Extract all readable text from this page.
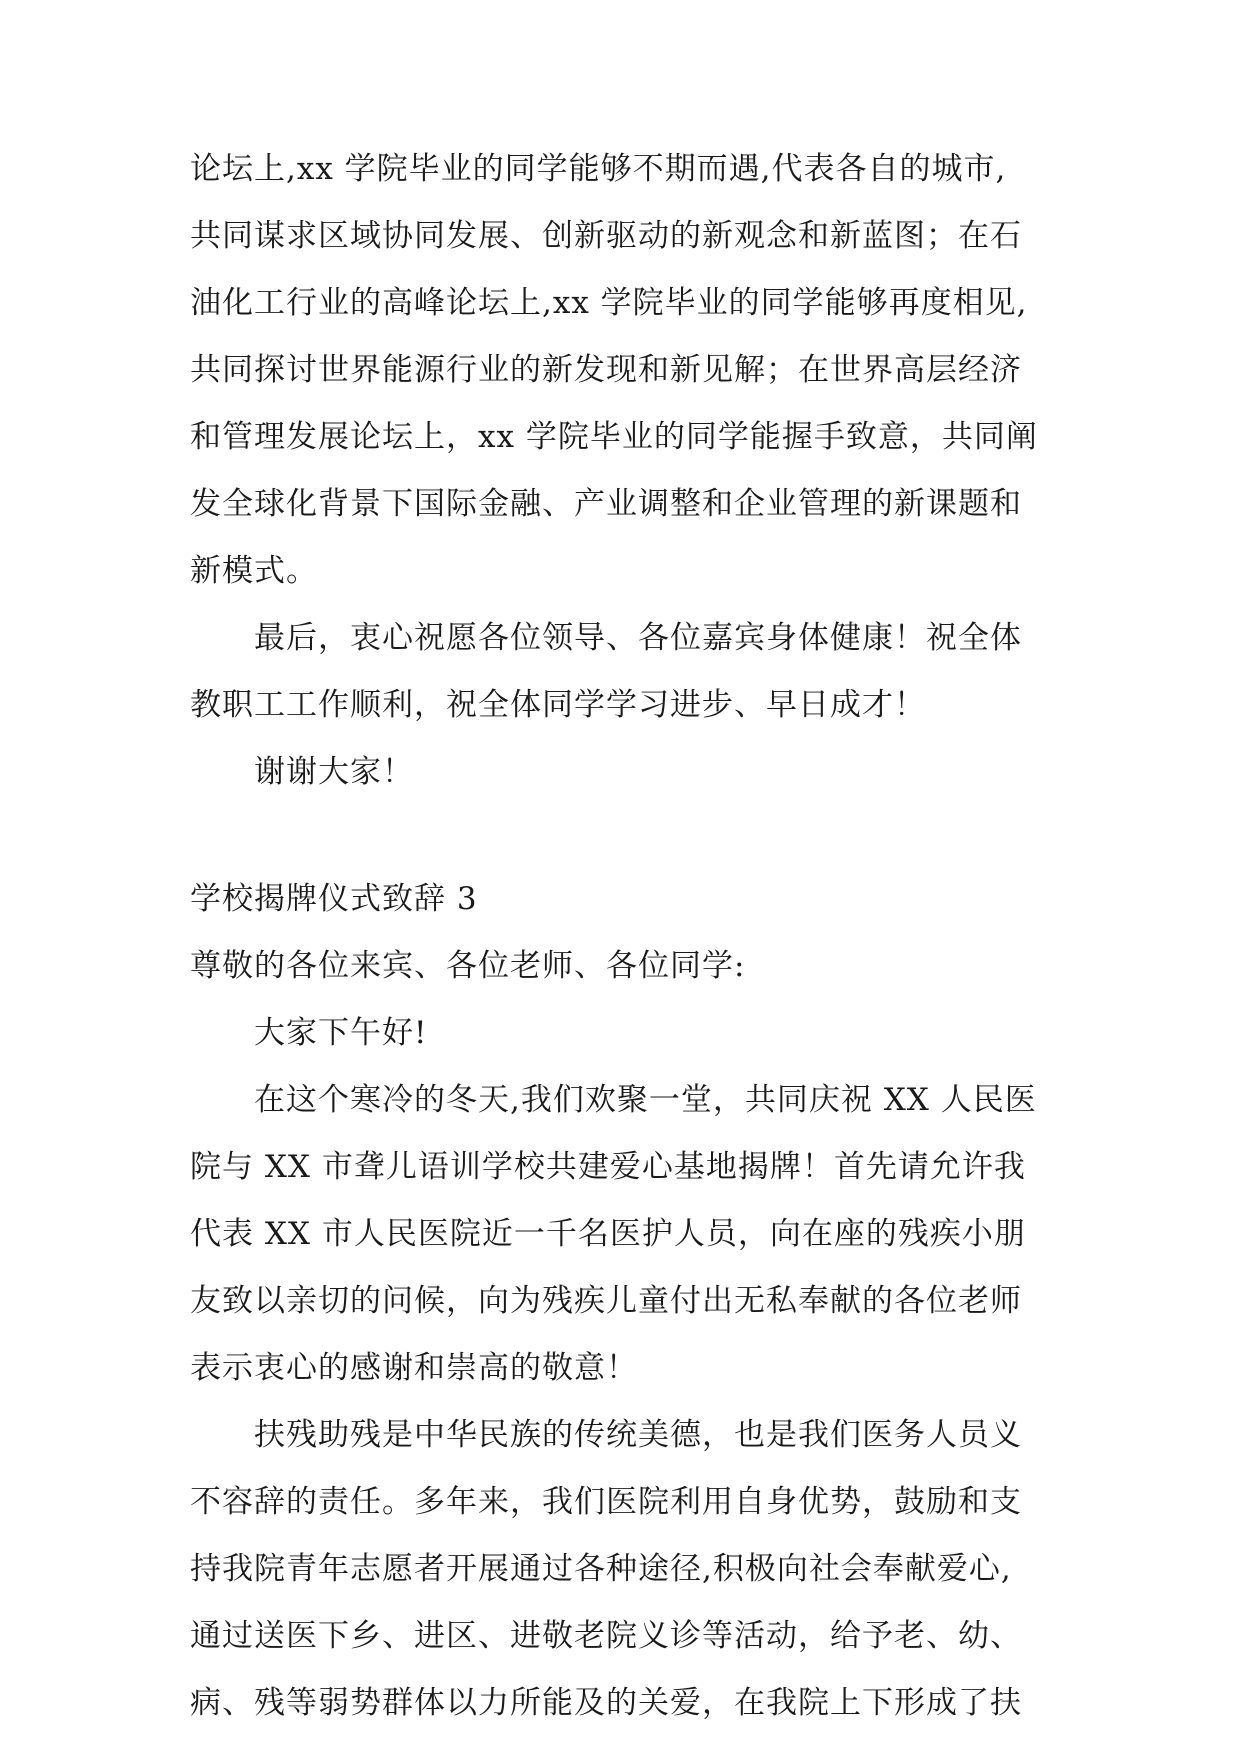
论坛上,xx 学院毕业的同学能够不期而遇,代表各自的城市,
共同谋求区域协同发展、创新驱动的新观念和新蓝图；在石
油化工行业的高峰论坛上,xx 学院毕业的同学能够再度相见,
共同探讨世界能源行业的新发现和新见解；在世界高层经济
和管理发展论坛上，xx 学院毕业的同学能握手致意，共同阐
发全球化背景下国际金融、产业调整和企业管理的新课题和
新模式。
最后，衷心祝愿各位领导、各位嘉宾身体健康！祝全体
教职工工作顺利，祝全体同学学习进步、早日成才！
谢谢大家！
学校揭牌仪式致辞 3
尊敬的各位来宾、各位老师、各位同学:
大家下午好!
在这个寒冷的冬天,我们欢聚一堂，共同庆祝 XX 人民医
院与 XX 市聋儿语训学校共建爱心基地揭牌！首先请允许我
代表 XX 市人民医院近一千名医护人员，向在座的残疾小朋
友致以亲切的问候，向为残疾儿童付出无私奉献的各位老师
表示衷心的感谢和崇高的敬意！
扶残助残是中华民族的传统美德，也是我们医务人员义
不容辞的责任。多年来，我们医院利用自身优势，鼓励和支
持我院青年志愿者开展通过各种途径,积极向社会奉献爱心,
通过送医下乡、进区、进敬老院义诊等活动，给予老、幼、
病、残等弱势群体以力所能及的关爱，在我院上下形成了扶
